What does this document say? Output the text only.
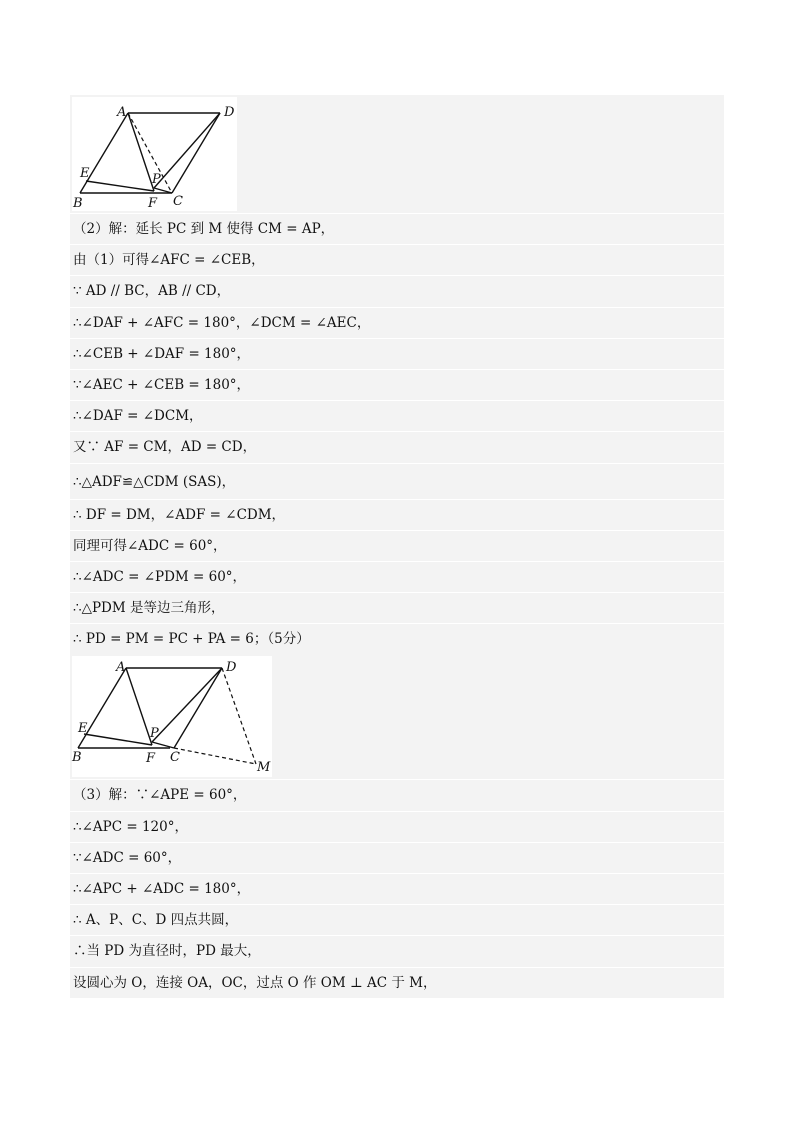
A	D
E	P
B	F C
（2）解：延长 PC 到 M 使得 CM = AP，
由（1）可得∠AFC = ∠CEB，
∵ AD // BC，AB // CD，
∴∠DAF + ∠AFC = 180°，∠DCM = ∠AEC，
∴∠CEB + ∠DAF = 180°，
∵∠AEC + ∠CEB = 180°，
∴∠DAF = ∠DCM，
又∵ AF = CM，AD = CD，
∴△ADF≌△CDM (SAS)，
∴ DF = DM，∠ADF = ∠CDM，
同理可得∠ADC = 60°，
∴∠ADC = ∠PDM = 60°，
∴△PDM 是等边三角形，
∴ PD = PM = PC + PA = 6；（5分）
A	D
E	P
B	F C
M
（3）解：∵∠APE = 60°，
∴∠APC = 120°，
∵∠ADC = 60°，
∴∠APC + ∠ADC = 180°，
∴ A、P、C、D 四点共圆，
∴当 PD 为直径时，PD 最大，
设圆心为 O，连接 OA，OC，过点 O 作 OM ⊥ AC 于 M，
